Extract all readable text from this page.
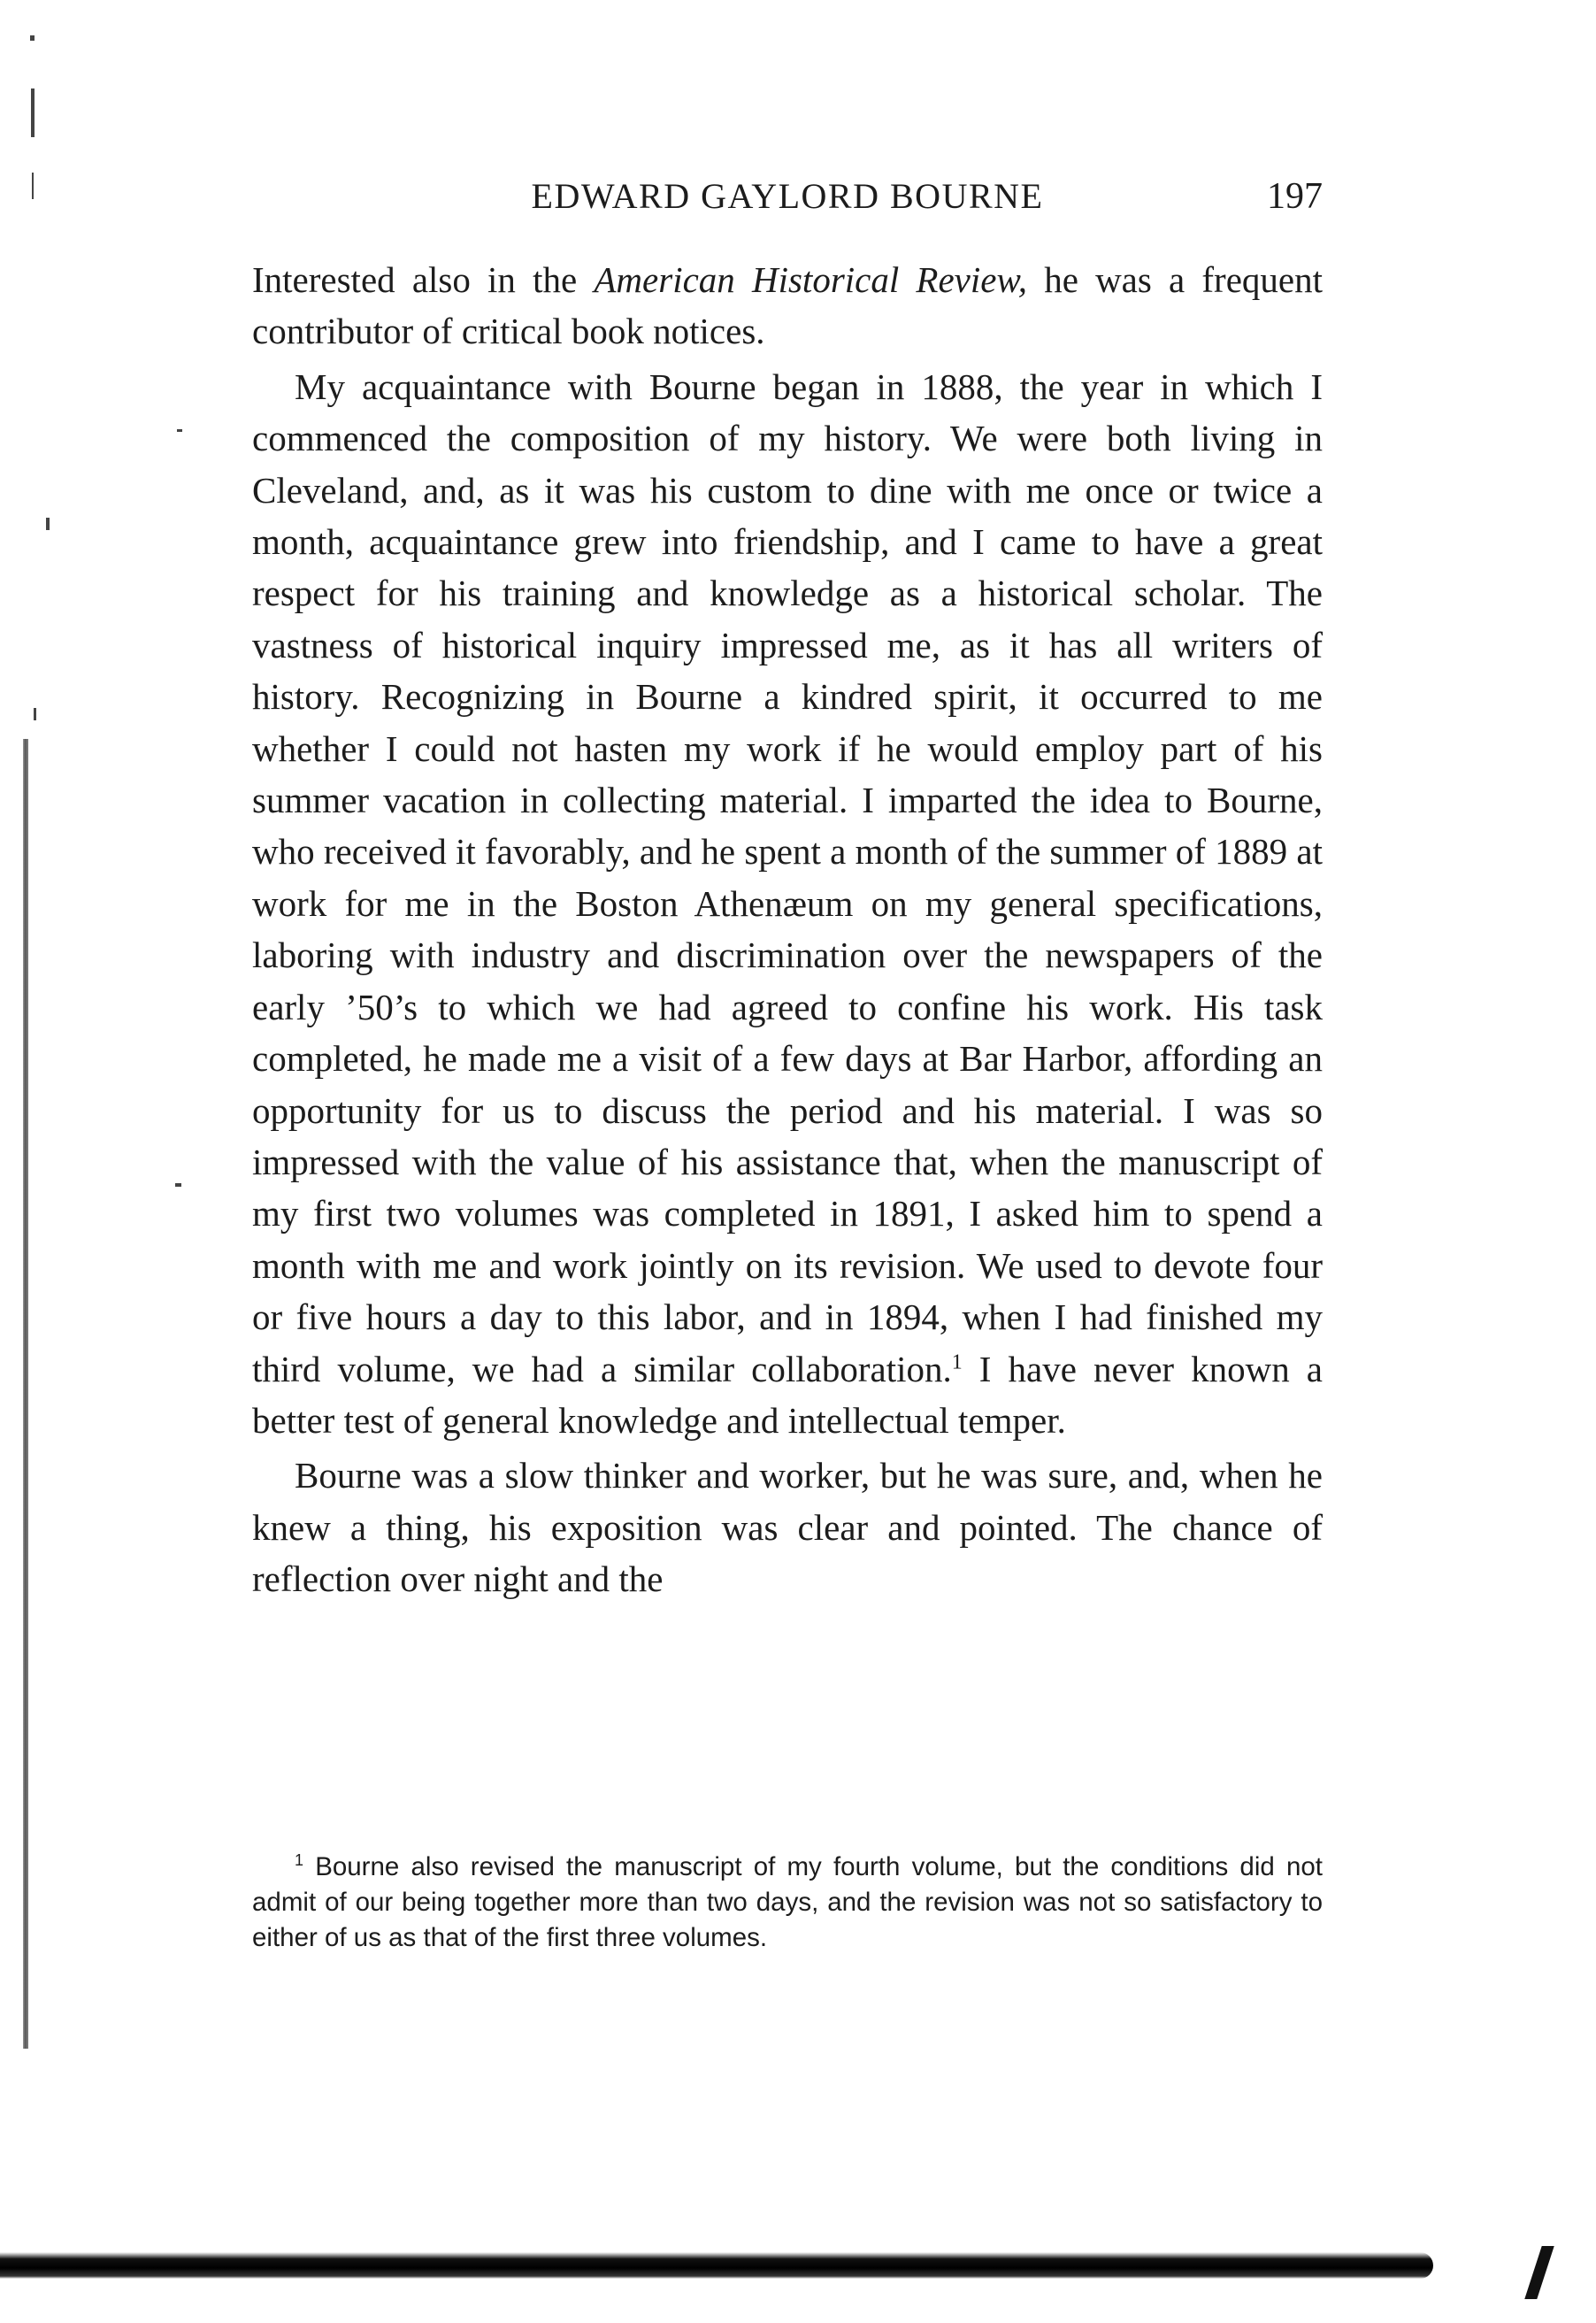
EDWARD GAYLORD BOURNE	197

Interested also in the American Historical Review, he was a frequent contributor of critical book notices.

My acquaintance with Bourne began in 1888, the year in which I commenced the composition of my history. We were both living in Cleveland, and, as it was his custom to dine with me once or twice a month, acquaintance grew into friendship, and I came to have a great respect for his training and knowledge as a historical scholar. The vastness of historical inquiry impressed me, as it has all writers of history. Recognizing in Bourne a kindred spirit, it occurred to me whether I could not hasten my work if he would employ part of his summer vacation in collecting material. I imparted the idea to Bourne, who received it favorably, and he spent a month of the summer of 1889 at work for me in the Boston Athenæum on my general specifications, laboring with industry and discrimination over the newspapers of the early ’50’s to which we had agreed to confine his work. His task completed, he made me a visit of a few days at Bar Harbor, affording an opportunity for us to discuss the period and his material. I was so impressed with the value of his assistance that, when the manuscript of my first two volumes was completed in 1891, I asked him to spend a month with me and work jointly on its revision. We used to devote four or five hours a day to this labor, and in 1894, when I had finished my third volume, we had a similar collaboration.$^1$ I have never known a better test of general knowledge and intellectual temper.

Bourne was a slow thinker and worker, but he was sure, and, when he knew a thing, his exposition was clear and pointed. The chance of reflection over night and the

$^1$ Bourne also revised the manuscript of my fourth volume, but the conditions did not admit of our being together more than two days, and the revision was not so satisfactory to either of us as that of the first three volumes.
